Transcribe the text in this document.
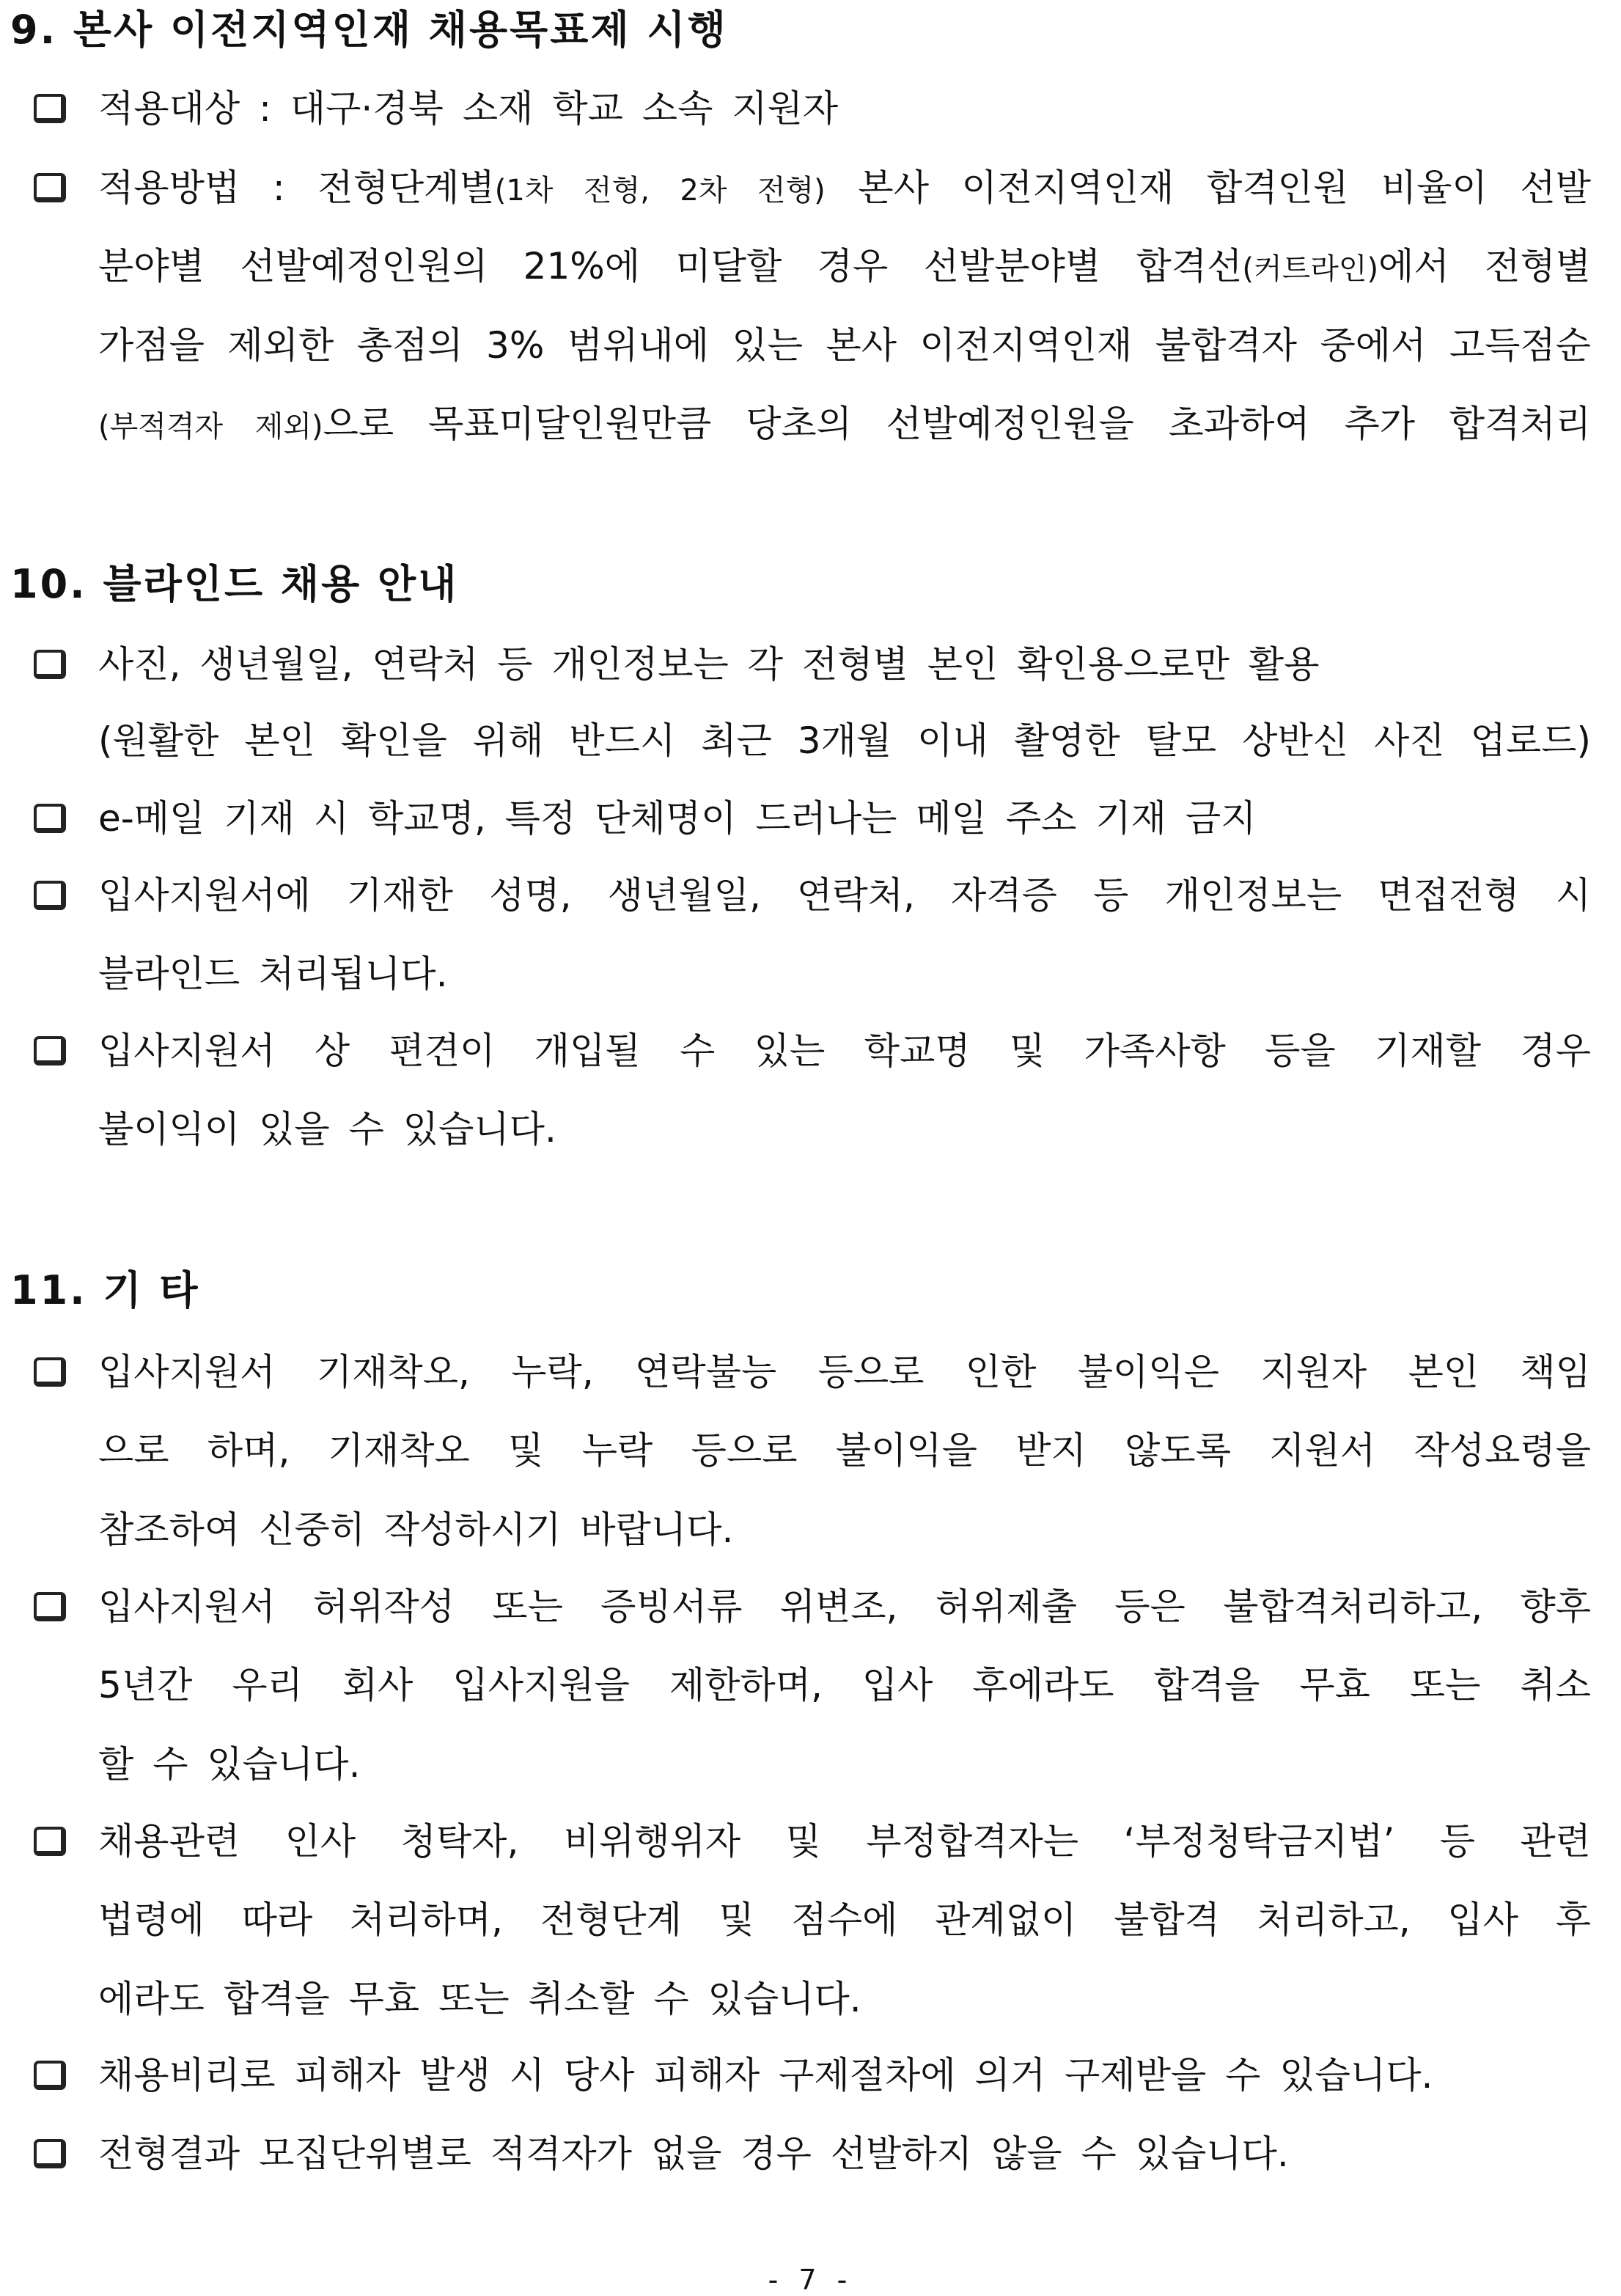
9. 본사 이전지역인재 채용목표제 시행
적용대상 : 대구·경북 소재 학교 소속 지원자
적용방법 : 전형단계별(1차 전형, 2차 전형) 본사 이전지역인재 합격인원 비율이 선발
분야별 선발예정인원의 21%에 미달할 경우 선발분야별 합격선(커트라인)에서 전형별
가점을 제외한 총점의 3% 범위내에 있는 본사 이전지역인재 불합격자 중에서 고득점순
(부적격자 제외)으로 목표미달인원만큼 당초의 선발예정인원을 초과하여 추가 합격처리
10. 블라인드 채용 안내
사진, 생년월일, 연락처 등 개인정보는 각 전형별 본인 확인용으로만 활용
(원활한 본인 확인을 위해 반드시 최근 3개월 이내 촬영한 탈모 상반신 사진 업로드)
e-메일 기재 시 학교명, 특정 단체명이 드러나는 메일 주소 기재 금지
입사지원서에 기재한 성명, 생년월일, 연락처, 자격증 등 개인정보는 면접전형 시
블라인드 처리됩니다.
입사지원서 상 편견이 개입될 수 있는 학교명 및 가족사항 등을 기재할 경우
불이익이 있을 수 있습니다.
11. 기 타
입사지원서 기재착오, 누락, 연락불능 등으로 인한 불이익은 지원자 본인 책임
으로 하며, 기재착오 및 누락 등으로 불이익을 받지 않도록 지원서 작성요령을
참조하여 신중히 작성하시기 바랍니다.
입사지원서 허위작성 또는 증빙서류 위변조, 허위제출 등은 불합격처리하고, 향후
5년간 우리 회사 입사지원을 제한하며, 입사 후에라도 합격을 무효 또는 취소
할 수 있습니다.
채용관련 인사 청탁자, 비위행위자 및 부정합격자는 ‘부정청탁금지법’ 등 관련
법령에 따라 처리하며, 전형단계 및 점수에 관계없이 불합격 처리하고, 입사 후
에라도 합격을 무효 또는 취소할 수 있습니다.
채용비리로 피해자 발생 시 당사 피해자 구제절차에 의거 구제받을 수 있습니다.
전형결과 모집단위별로 적격자가 없을 경우 선발하지 않을 수 있습니다.
- 7 -
